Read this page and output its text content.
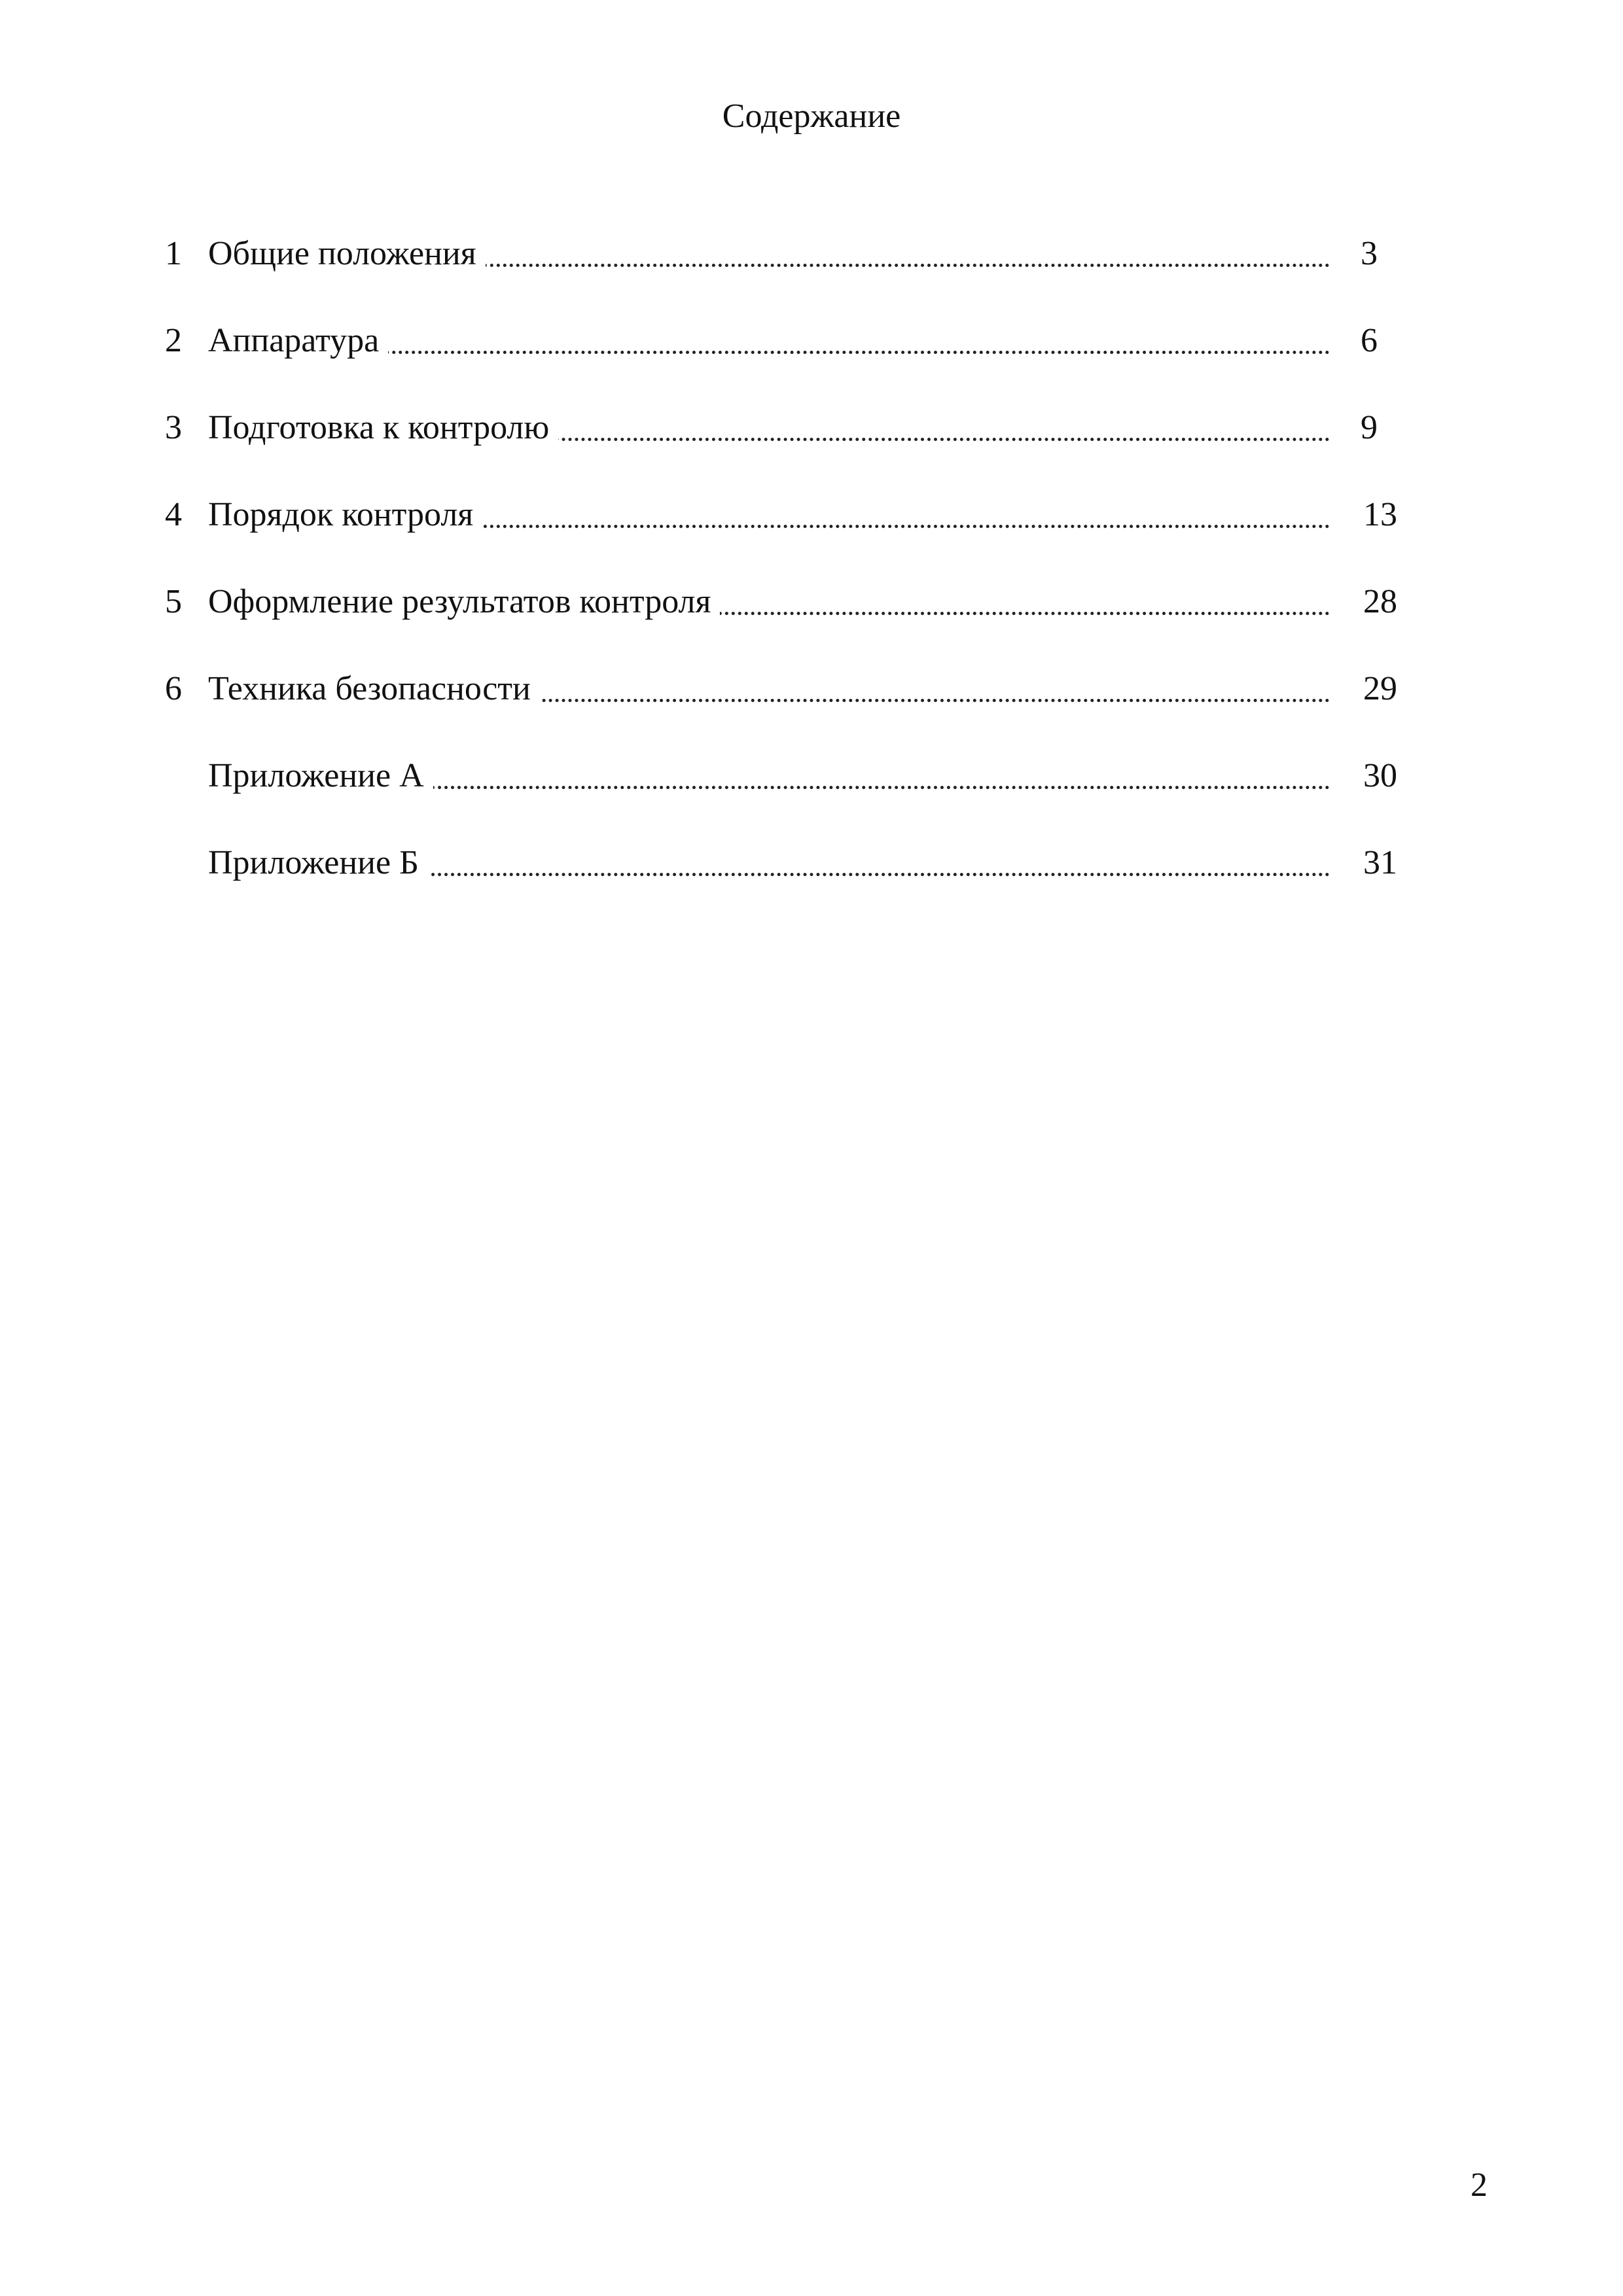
Содержание
1 Общие положения	3
2 Аппаратура	6
3 Подготовка к контролю	9
4 Порядок контроля	13
5 Оформление результатов контроля	28
6 Техника безопасности	29
Приложение А	30
Приложение Б	31
2
